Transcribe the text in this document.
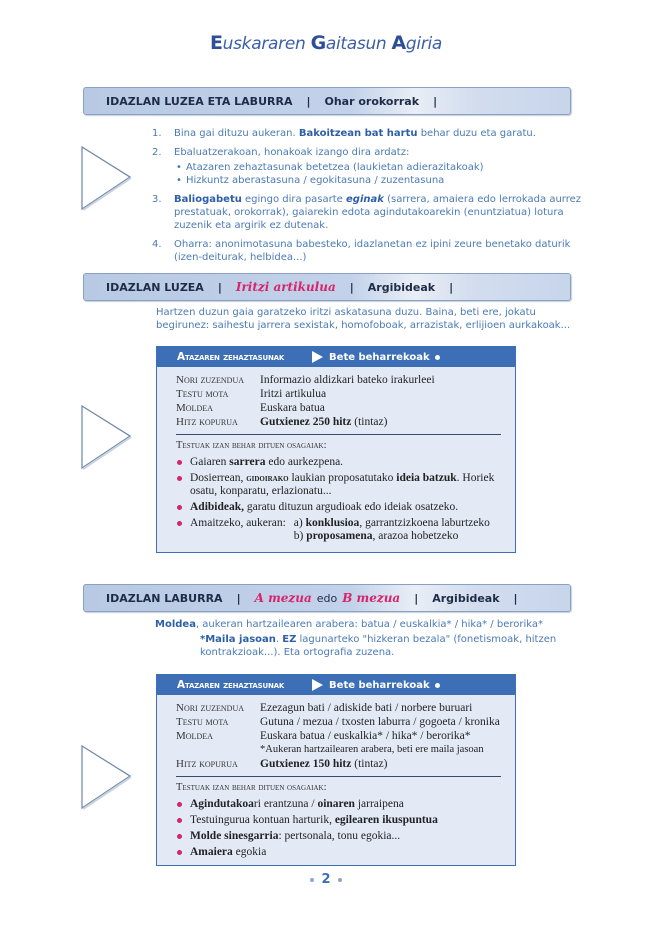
Euskararen Gaitasun Agiria
IDAZLAN LUZEA ETA LABURRA | Ohar orokorrak |
1. Bina gai dituzu aukeran. Bakoitzean bat hartu behar duzu eta garatu.
2. Ebaluatzerakoan, honakoak izango dira ardatz:
• Atazaren zehaztasunak betetzea (laukietan adierazitakoak)
• Hizkuntz aberastasuna / egokitasuna / zuzentasuna
3. Baliogabetu egingo dira pasarte eginak (sarrera, amaiera edo lerrokada aurrez prestatuak, orokorrak), gaiarekin edota agindutakoarekin (enuntziatua) lotura zuzenik eta argirik ez dutenak.
4. Oharra: anonimotasuna babesteko, idazlanetan ez ipini zeure benetako daturik (izen-deiturak, helbidea...)
IDAZLAN LUZEA | Iritzi artikulua | Argibideak |
Hartzen duzun gaia garatzeko iritzi askatasuna duzu. Baina, beti ere, jokatu begirunez: saihestu jarrera sexistak, homofoboak, arrazistak, erlijioen aurkakoak...
Atazaren zehaztasunak	Bete beharrekoak
Nori zuzendua	Informazio aldizkari bateko irakurleei
Testu mota	Iritzi artikulua
Moldea	Euskara batua
Hitz kopurua	Gutxienez 250 hitz (tintaz)
Testuak izan behar dituen osagaiak:
Gaiaren sarrera edo aurkezpena.
Dosierrean, gidoirako laukian proposatutako ideia batzuk. Horiek osatu, konparatu, erlazionatu...
Adibideak, garatu dituzun argudioak edo ideiak osatzeko.
Amaitzeko, aukeran: a) konklusioa, garrantzizkoena laburtzeko
b) proposamena, arazoa hobetzeko
IDAZLAN LABURRA | A mezua edo B mezua | Argibideak |
Moldea, aukeran hartzailearen arabera: batua / euskalkia* / hika* / berorika*
*Maila jasoan. EZ lagunarteko "hizkeran bezala" (fonetismoak, hitzen kontrakzioak...). Eta ortografia zuzena.
Atazaren zehaztasunak	Bete beharrekoak
Nori zuzendua	Ezezagun bati / adiskide bati / norbere buruari
Testu mota	Gutuna / mezua / txosten laburra / gogoeta / kronika
Moldea	Euskara batua / euskalkia* / hika* / berorika*
	*Aukeran hartzailearen arabera, beti ere maila jasoan
Hitz kopurua	Gutxienez 150 hitz (tintaz)
Testuak izan behar dituen osagaiak:
Agindutakoari erantzuna / oinaren jarraipena
Testuingurua kontuan harturik, egilearen ikuspuntua
Molde sinesgarria: pertsonala, tonu egokia...
Amaiera egokia
2
